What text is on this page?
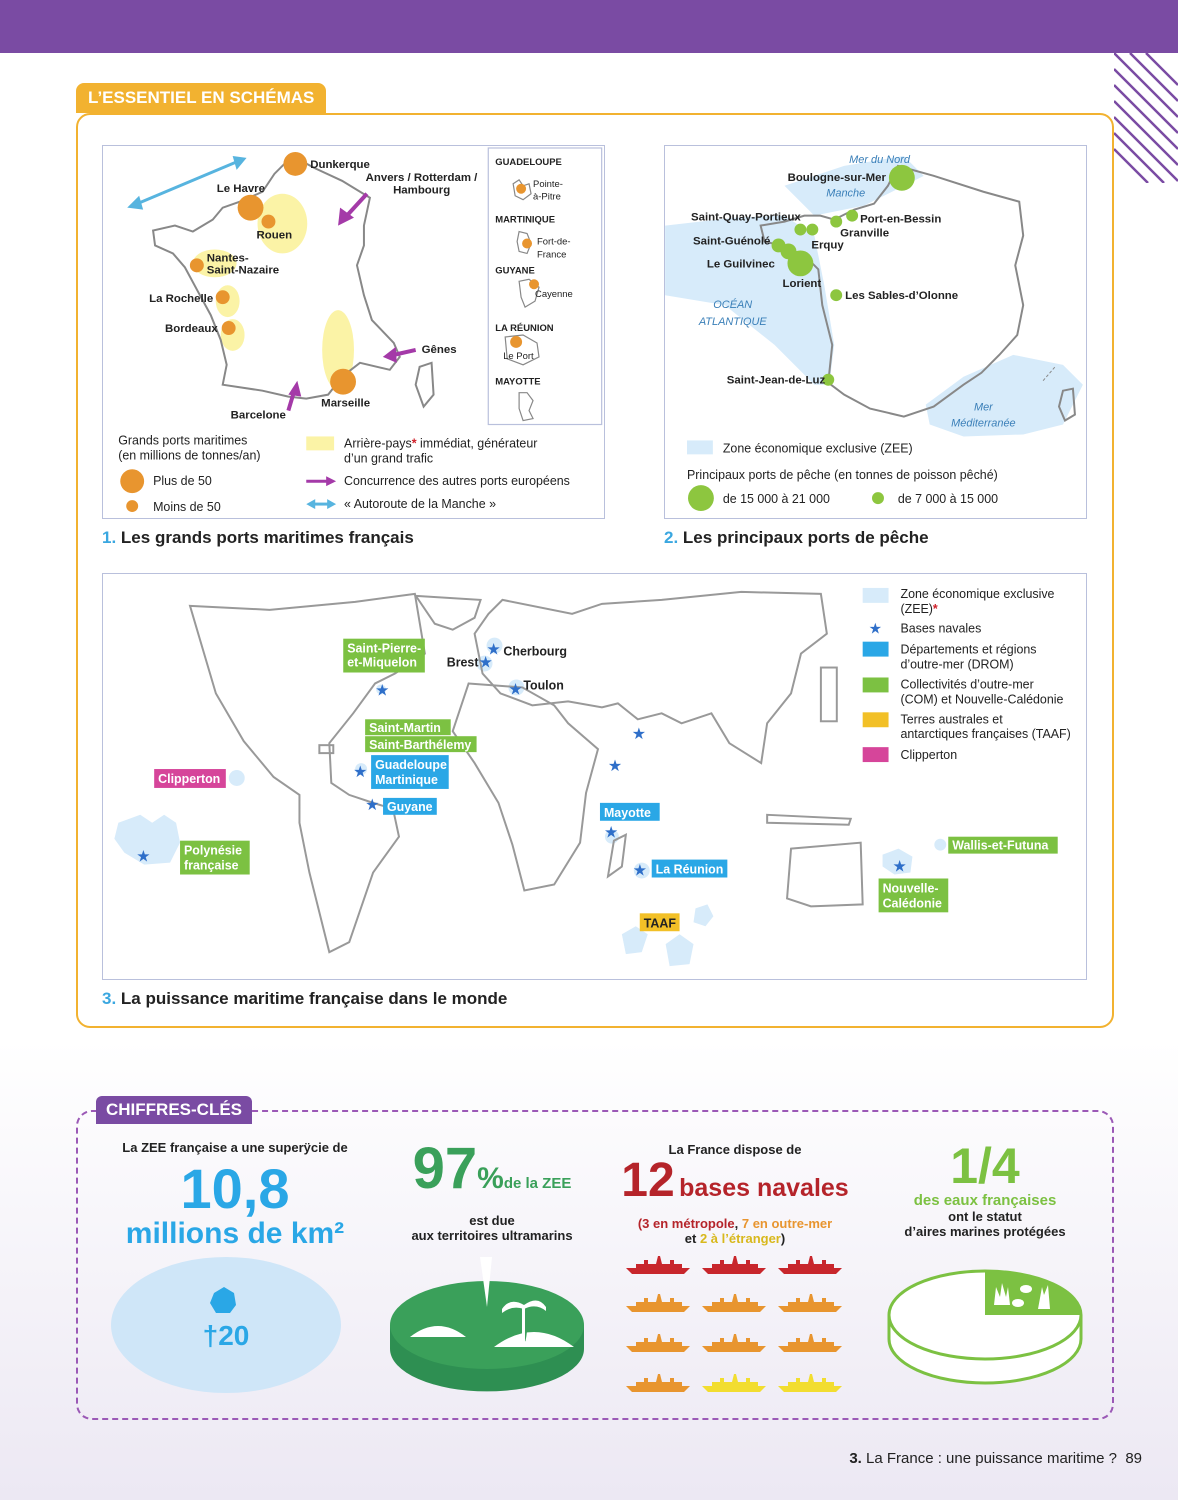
L’ESSENTIEL EN SCHÉMAS
Dunkerque
Le Havre
Rouen
Nantes-
Saint-Nazaire
La Rochelle
Bordeaux
Marseille
Barcelone
Gênes
Anvers / Rotterdam /
Hambourg
GUADELOUPE
Pointe-
à-Pitre
MARTINIQUE
Fort-de-
France
GUYANE
Cayenne
LA RÉUNION
Le Port
MAYOTTE
Grands ports maritimes
(en millions de tonnes/an)
Plus de 50
Moins de 50
Arrière-pays* immédiat, générateur
d’un grand trafic
Concurrence des autres ports européens
« Autoroute de la Manche »
1. Les grands ports maritimes français
Mer du Nord
Manche
OCÉAN
ATLANTIQUE
Mer
Méditerranée
Boulogne-sur-Mer
Saint-Quay-Portieux	Port-en-Bessin
Granville
Saint-Guénolé	Erquy
Le Guilvinec
Lorient
Les Sables-d’Olonne
Saint-Jean-de-Luz
Zone économique exclusive (ZEE)
Principaux ports de pêche (en tonnes de poisson pêché)
de 15 000 à 21 000	de 7 000 à 15 000
2. Les principaux ports de pêche
★
★
★
★
★
★
★
★
★
★
★	★
Saint-Pierre-
et-Miquelon Brest
Cherbourg
Toulon
Saint-Martin
Saint-Barthélemy
Guadeloupe
Martinique
Guyane
Clipperton
Polynésie
française
Mayotte
La Réunion
TAAF
Wallis-et-Futuna
Nouvelle-
Calédonie
Zone économique exclusive
(ZEE)*
★ Bases navales
Départements et régions
d’outre-mer (DROM)
Collectivités d’outre-mer
(COM) et Nouvelle-Calédonie
Terres australes et
antarctiques françaises (TAAF)
Clipperton
3. La puissance maritime française dans le monde
CHIFFRES-CLÉS
La ZEE française a une superÿcie de
10,8
millions de km²
†20
97%de la ZEE
est due
aux territoires ultramarins
La France dispose de
12 bases navales
(3 en métropole, 7 en outre-mer
et 2 à l’étranger)
1/4
des eaux françaises
ont le statut
d’aires marines protégées
3. La France : une puissance maritime ? 89
